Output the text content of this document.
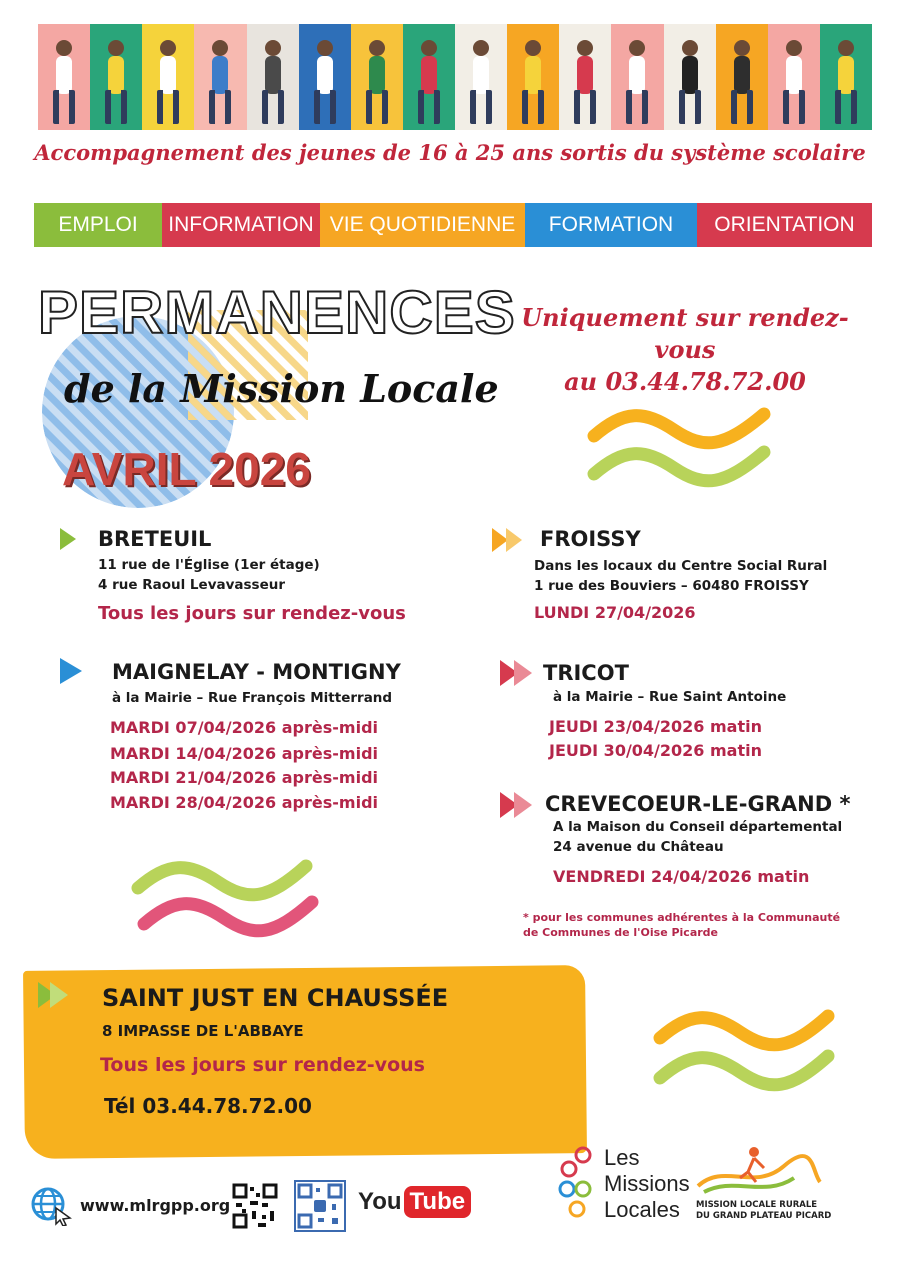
Accompagnement des jeunes de 16 à 25 ans sortis du système scolaire
EMPLOI	INFORMATION VIE QUOTIDIENNE	FORMATION	ORIENTATION
PERMANENCES
de la Mission Locale
AVRIL 2026
Uniquement sur rendez-vous
au 03.44.78.72.00
BRETEUIL
11 rue de l'Église (1er étage)
4 rue Raoul Levavasseur
Tous les jours sur rendez-vous
FROISSY
Dans les locaux du Centre Social Rural
1 rue des Bouviers – 60480 FROISSY
LUNDI 27/04/2026
MAIGNELAY - MONTIGNY
à la Mairie – Rue François Mitterrand
MARDI 07/04/2026 après-midi
MARDI 14/04/2026 après-midi
MARDI 21/04/2026 après-midi
MARDI 28/04/2026 après-midi
TRICOT
à la Mairie – Rue Saint Antoine
JEUDI 23/04/2026 matin
JEUDI 30/04/2026 matin
CREVECOEUR-LE-GRAND *
A la Maison du Conseil départemental
24 avenue du Château
VENDREDI 24/04/2026 matin
* pour les communes adhérentes à la Communauté de Communes de l'Oise Picarde
SAINT JUST EN CHAUSSÉE
8 IMPASSE DE L'ABBAYE
Tous les jours sur rendez-vous
Tél 03.44.78.72.00
www.mlrgpp.org	You Tube
Les
Missions
Locales	MISSION LOCALE RURALE
DU GRAND PLATEAU PICARD
